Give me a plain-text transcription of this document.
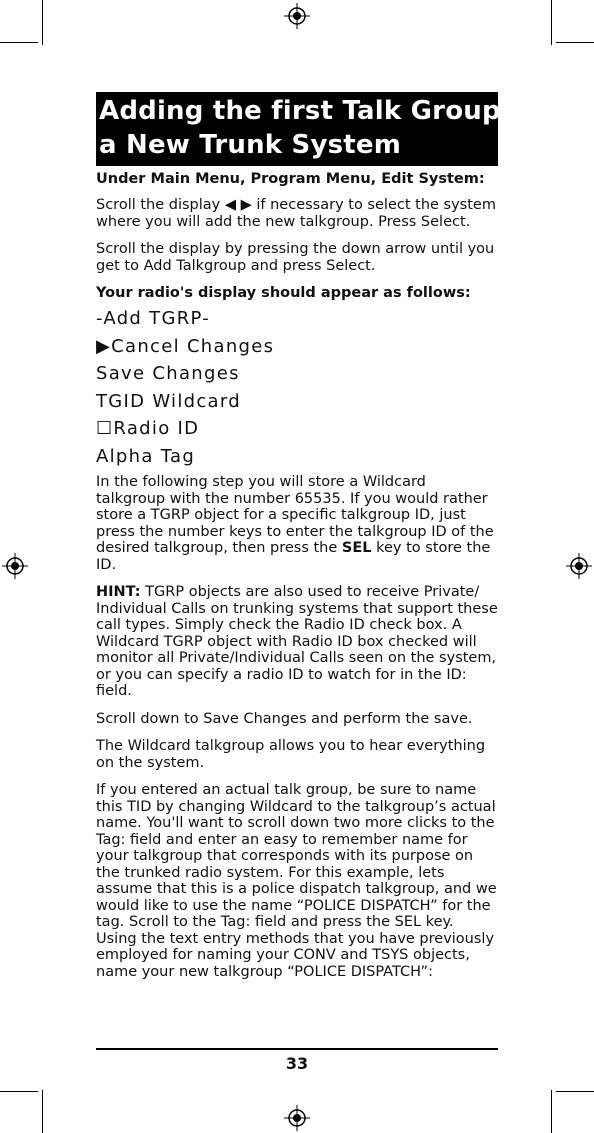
Adding the first Talk Group to
a New Trunk System
Under Main Menu, Program Menu, Edit System:

Scroll the display ◀ ▶ if necessary to select the system where you will add the new talkgroup. Press Select.

Scroll the display by pressing the down arrow until you get to Add Talkgroup and press Select.

Your radio's display should appear as follows:
-Add TGRP-
▶Cancel Changes
Save Changes
TGID Wildcard
☐Radio ID
Alpha Tag

In the following step you will store a Wildcard talkgroup with the number 65535. If you would rather store a TGRP object for a specific talkgroup ID, just press the number keys to enter the talkgroup ID of the desired talkgroup, then press the SEL key to store the ID.

HINT: TGRP objects are also used to receive Private/ Individual Calls on trunking systems that support these call types. Simply check the Radio ID check box. A Wildcard TGRP object with Radio ID box checked will monitor all Private/Individual Calls seen on the system, or you can specify a radio ID to watch for in the ID: field.

Scroll down to Save Changes and perform the save.

The Wildcard talkgroup allows you to hear everything on the system.

If you entered an actual talk group, be sure to name this TID by changing Wildcard to the talkgroup’s actual name. You'll want to scroll down two more clicks to the Tag: field and enter an easy to remember name for your talkgroup that corresponds with its purpose on the trunked radio system. For this example, lets assume that this is a police dispatch talkgroup, and we would like to use the name “POLICE DISPATCH” for the tag. Scroll to the Tag: field and press the SEL key. Using the text entry methods that you have previously employed for naming your CONV and TSYS objects, name your new talkgroup “POLICE DISPATCH”:

33
